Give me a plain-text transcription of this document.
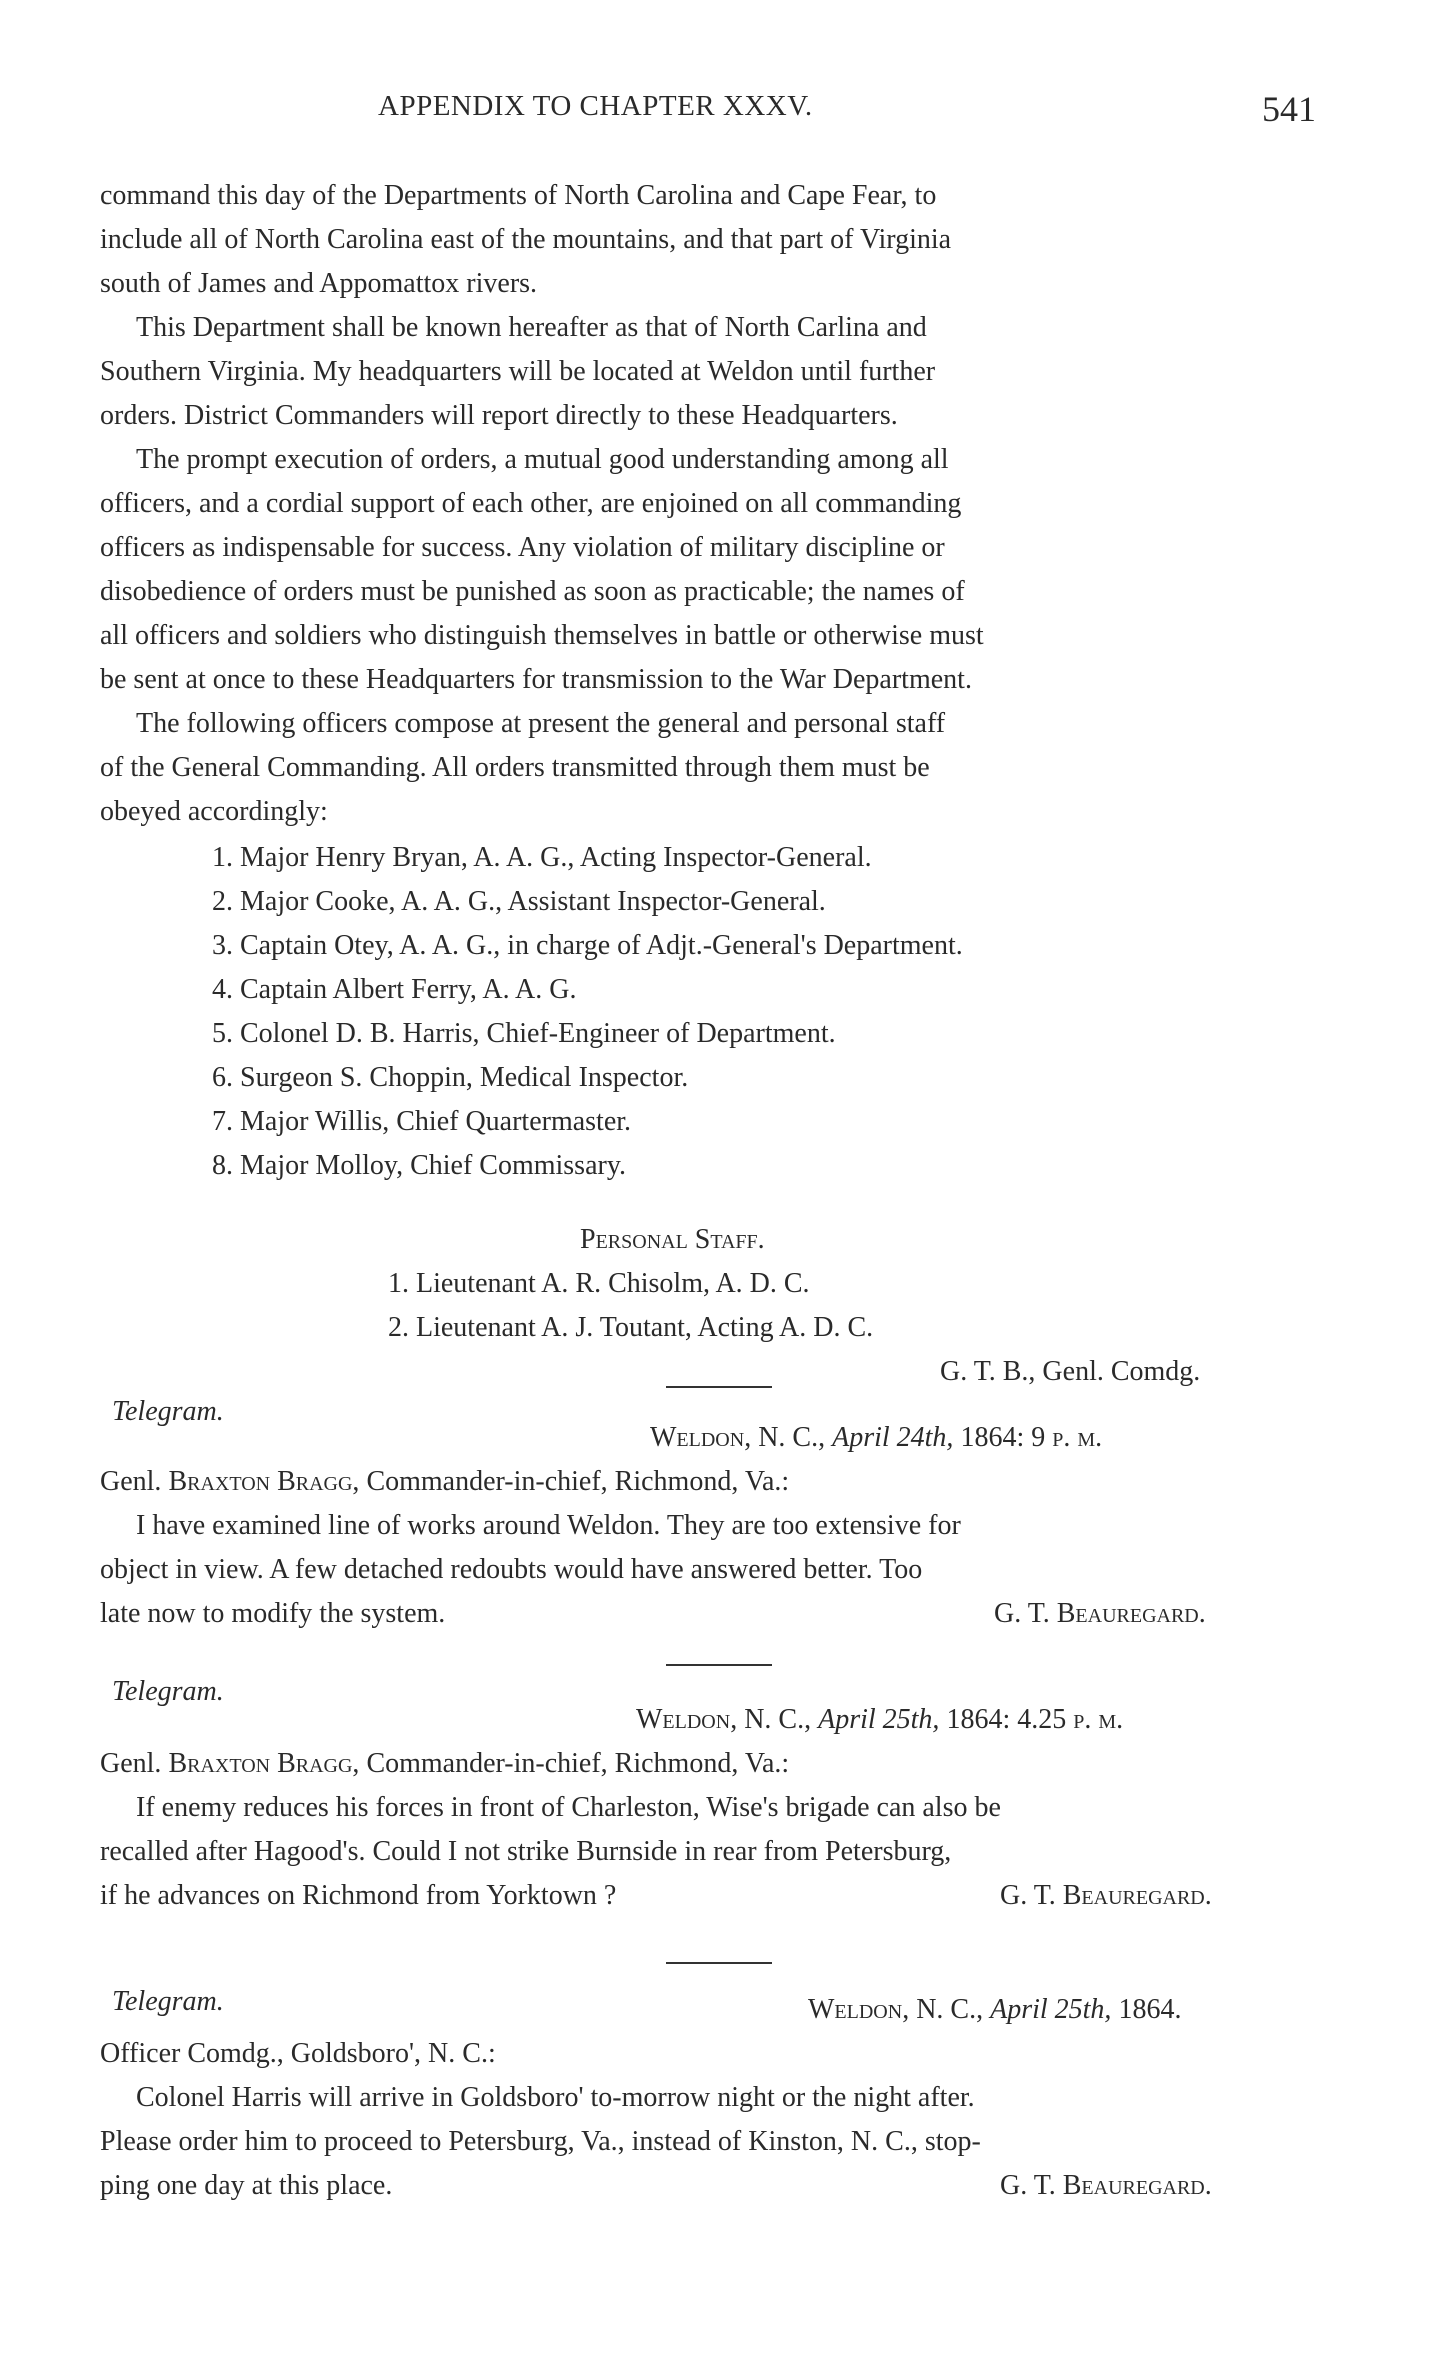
APPENDIX TO CHAPTER XXXV.	541
command this day of the Departments of North Carolina and Cape Fear, to
include all of North Carolina east of the mountains, and that part of Virginia
south of James and Appomattox rivers.
This Department shall be known hereafter as that of North Carlina and
Southern Virginia. My headquarters will be located at Weldon until further
orders. District Commanders will report directly to these Headquarters.
The prompt execution of orders, a mutual good understanding among all
officers, and a cordial support of each other, are enjoined on all commanding
officers as indispensable for success. Any violation of military discipline or
disobedience of orders must be punished as soon as practicable; the names of
all officers and soldiers who distinguish themselves in battle or otherwise must
be sent at once to these Headquarters for transmission to the War Department.
The following officers compose at present the general and personal staff
of the General Commanding. All orders transmitted through them must be
obeyed accordingly:
1. Major Henry Bryan, A. A. G., Acting Inspector-General.
2. Major Cooke, A. A. G., Assistant Inspector-General.
3. Captain Otey, A. A. G., in charge of Adjt.-General's Department.
4. Captain Albert Ferry, A. A. G.
5. Colonel D. B. Harris, Chief-Engineer of Department.
6. Surgeon S. Choppin, Medical Inspector.
7. Major Willis, Chief Quartermaster.
8. Major Molloy, Chief Commissary.
Personal Staff.
1. Lieutenant A. R. Chisolm, A. D. C.
2. Lieutenant A. J. Toutant, Acting A. D. C.
G. T. B., Genl. Comdg.
Telegram.
Weldon, N. C., April 24th, 1864: 9 p. m.
Genl. Braxton Bragg, Commander-in-chief, Richmond, Va.:
I have examined line of works around Weldon. They are too extensive for
object in view. A few detached redoubts would have answered better. Too
late now to modify the system.	G. T. Beauregard.
Telegram.
Weldon, N. C., April 25th, 1864: 4.25 p. m.
Genl. Braxton Bragg, Commander-in-chief, Richmond, Va.:
If enemy reduces his forces in front of Charleston, Wise's brigade can also be
recalled after Hagood's. Could I not strike Burnside in rear from Petersburg,
if he advances on Richmond from Yorktown ?	G. T. Beauregard.
Telegram.	Weldon, N. C., April 25th, 1864.
Officer Comdg., Goldsboro', N. C.:
Colonel Harris will arrive in Goldsboro' to-morrow night or the night after.
Please order him to proceed to Petersburg, Va., instead of Kinston, N. C., stop-
ping one day at this place.	G. T. Beauregard.
